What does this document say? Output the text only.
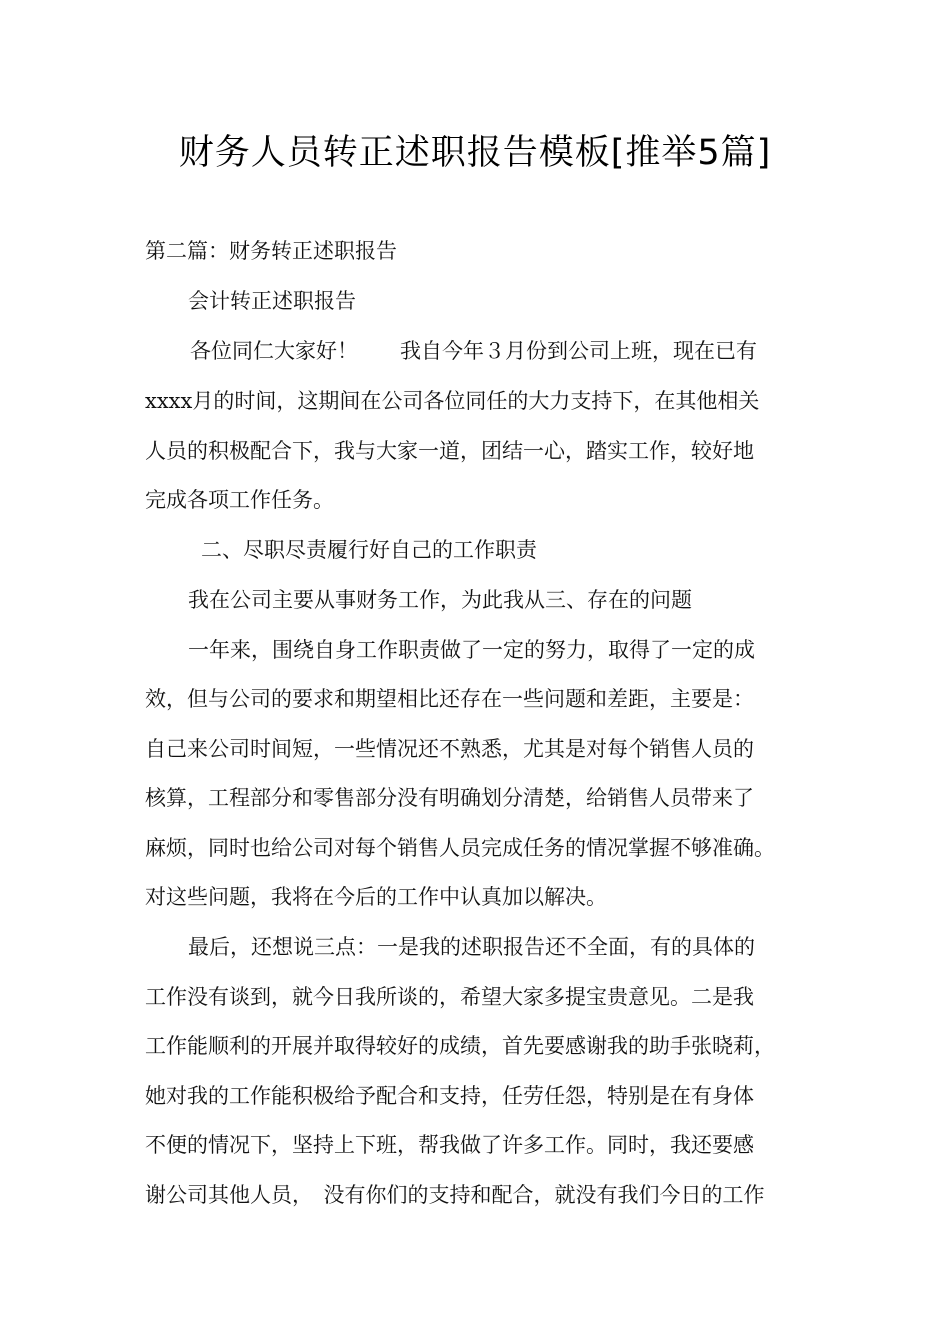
财务人员转正述职报告模板[推举5篇]
第二篇：财务转正述职报告
会计转正述职报告
各位同仁大家好！　　我自今年３月份到公司上班，现在已有
xxxx月的时间，这期间在公司各位同任的大力支持下，在其他相关
人员的积极配合下，我与大家一道，团结一心，踏实工作，较好地
完成各项工作任务。
二、尽职尽责履行好自己的工作职责
我在公司主要从事财务工作，为此我从三、存在的问题
一年来，围绕自身工作职责做了一定的努力，取得了一定的成
效，但与公司的要求和期望相比还存在一些问题和差距，主要是：
自己来公司时间短，一些情况还不熟悉，尤其是对每个销售人员的
核算，工程部分和零售部分没有明确划分清楚，给销售人员带来了
麻烦，同时也给公司对每个销售人员完成任务的情况掌握不够准确。
对这些问题，我将在今后的工作中认真加以解决。
最后，还想说三点：一是我的述职报告还不全面，有的具体的
工作没有谈到，就今日我所谈的，希望大家多提宝贵意见。二是我
工作能顺利的开展并取得较好的成绩，首先要感谢我的助手张晓莉，
她对我的工作能积极给予配合和支持，任劳任怨，特别是在有身体
不便的情况下，坚持上下班，帮我做了许多工作。同时，我还要感
谢公司其他人员，　没有你们的支持和配合，就没有我们今日的工作
